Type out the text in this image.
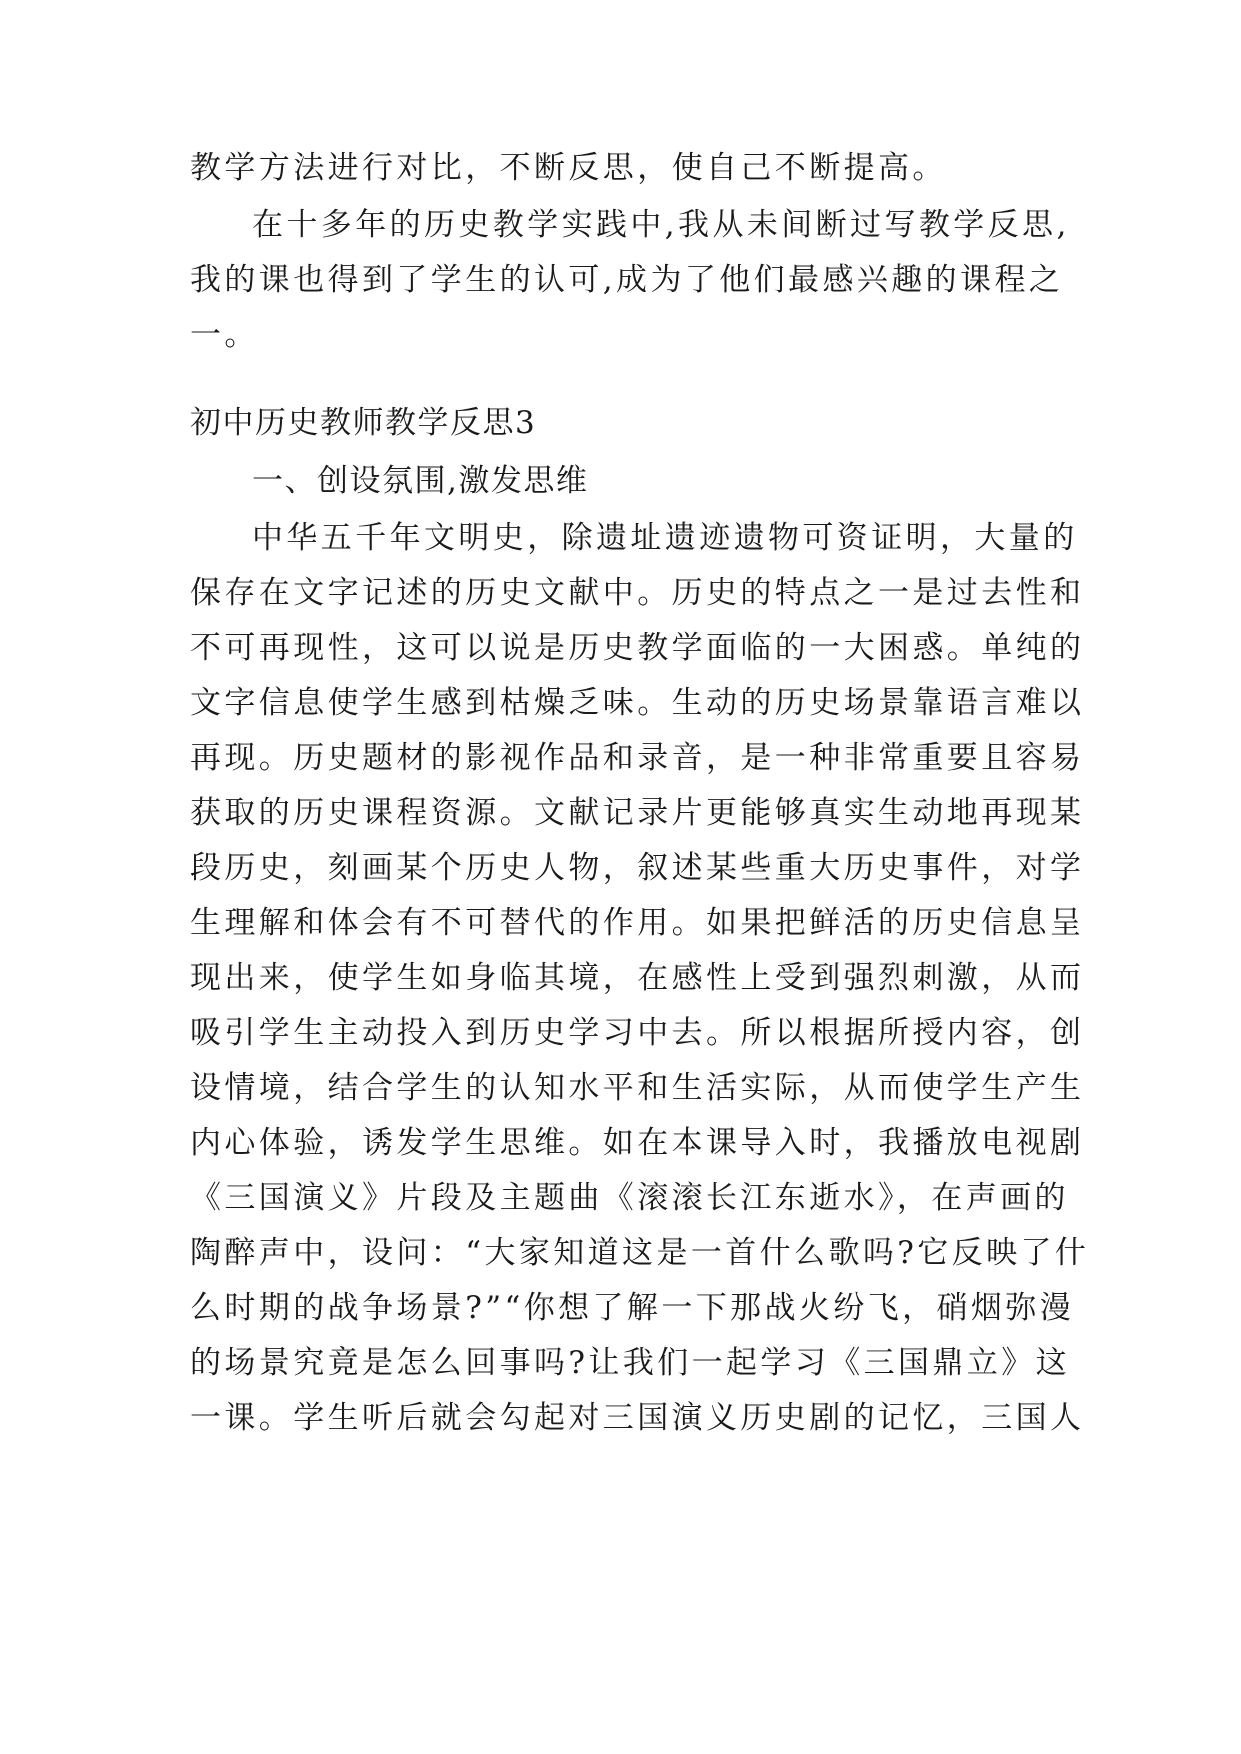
教学方法进行对比，不断反思，使自己不断提高。
在十多年的历史教学实践中,我从未间断过写教学反思,
我的课也得到了学生的认可,成为了他们最感兴趣的课程之
一。
初中历史教师教学反思3
一、创设氛围,激发思维
中华五千年文明史，除遗址遗迹遗物可资证明，大量的
保存在文字记述的历史文献中。历史的特点之一是过去性和
不可再现性，这可以说是历史教学面临的一大困惑。单纯的
文字信息使学生感到枯燥乏味。生动的历史场景靠语言难以
再现。历史题材的影视作品和录音，是一种非常重要且容易
获取的历史课程资源。文献记录片更能够真实生动地再现某
段历史，刻画某个历史人物，叙述某些重大历史事件，对学
生理解和体会有不可替代的作用。如果把鲜活的历史信息呈
现出来，使学生如身临其境，在感性上受到强烈刺激，从而
吸引学生主动投入到历史学习中去。所以根据所授内容，创
设情境，结合学生的认知水平和生活实际，从而使学生产生
内心体验，诱发学生思维。如在本课导入时，我播放电视剧
《三国演义》片段及主题曲《滚滚长江东逝水》，在声画的
陶醉声中，设问：“大家知道这是一首什么歌吗?它反映了什
么时期的战争场景?”“你想了解一下那战火纷飞，硝烟弥漫
的场景究竟是怎么回事吗?让我们一起学习《三国鼎立》这
一课。学生听后就会勾起对三国演义历史剧的记忆，三国人
